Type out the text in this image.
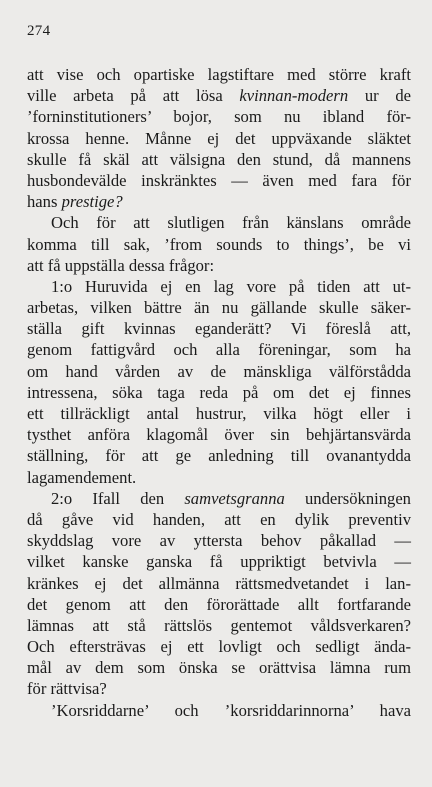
274
att vise och opartiske lagstiftare med större kraft
ville arbeta på att lösa kvinnan-modern ur de
’forninstitutioners’ bojor, som nu ibland för-
krossa henne. Månne ej det uppväxande släktet
skulle få skäl att välsigna den stund, då mannens
husbondevälde inskränktes — även med fara för
hans prestige?
Och för att slutligen från känslans område
komma till sak, ’from sounds to things’, be vi
att få uppställa dessa frågor:
1:o Huruvida ej en lag vore på tiden att ut-
arbetas, vilken bättre än nu gällande skulle säker-
ställa gift kvinnas eganderätt? Vi föreslå att,
genom fattigvård och alla föreningar, som ha
om hand vården av de mänskliga välförståddа
intressena, söka taga reda på om det ej finnes
ett tillräckligt antal hustrur, vilka högt eller i
tysthet anföra klagomål över sin behjärtansvärda
ställning, för att ge anledning till ovanantydda
lagamendement.
2:o Ifall den samvetsgranna undersökningen
då gåve vid handen, att en dylik preventiv
skyddslag vore av yttersta behov påkallad —
vilket kanske ganska få uppriktigt betvivla —
kränkes ej det allmänna rättsmedvetandet i lan-
det genom att den förorättade allt fortfarande
lämnas att stå rättslös gentemot våldsverkaren?
Och eftersträvas ej ett lovligt och sedligt ända-
mål av dem som önska se orättvisa lämna rum
för rättvisa?
’Korsriddarne’ och ’korsriddarinnorna’ hava
